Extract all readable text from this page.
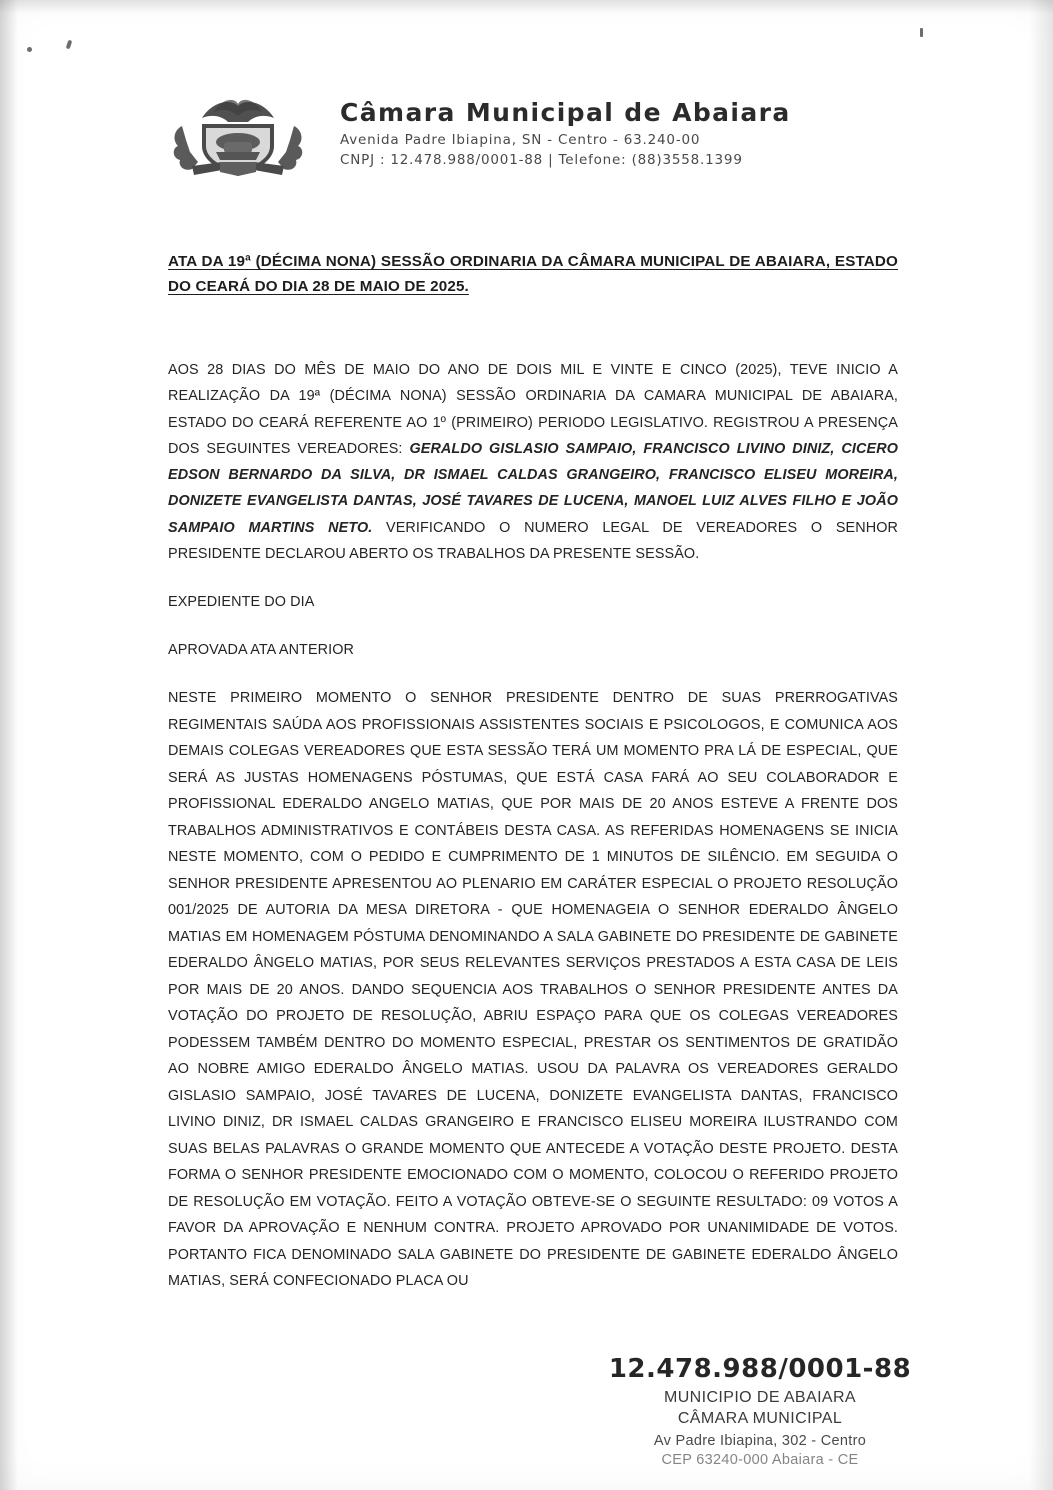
Câmara Municipal de Abaiara
Avenida Padre Ibiapina, SN - Centro - 63.240-00
CNPJ : 12.478.988/0001-88 | Telefone: (88)3558.1399
ATA DA 19ª (DÉCIMA NONA) SESSÃO ORDINARIA DA CÂMARA MUNICIPAL DE ABAIARA, ESTADO DO CEARÁ DO DIA 28 DE MAIO DE 2025.
AOS 28 DIAS DO MÊS DE MAIO DO ANO DE DOIS MIL E VINTE E CINCO (2025), TEVE INICIO A REALIZAÇÃO DA 19ª (DÉCIMA NONA) SESSÃO ORDINARIA DA CAMARA MUNICIPAL DE ABAIARA, ESTADO DO CEARÁ REFERENTE AO 1º (PRIMEIRO) PERIODO LEGISLATIVO. REGISTROU A PRESENÇA DOS SEGUINTES VEREADORES: GERALDO GISLASIO SAMPAIO, FRANCISCO LIVINO DINIZ, CICERO EDSON BERNARDO DA SILVA, DR ISMAEL CALDAS GRANGEIRO, FRANCISCO ELISEU MOREIRA, DONIZETE EVANGELISTA DANTAS, JOSÉ TAVARES DE LUCENA, MANOEL LUIZ ALVES FILHO E JOÃO SAMPAIO MARTINS NETO. VERIFICANDO O NUMERO LEGAL DE VEREADORES O SENHOR PRESIDENTE DECLAROU ABERTO OS TRABALHOS DA PRESENTE SESSÃO.
EXPEDIENTE DO DIA
APROVADA ATA ANTERIOR
NESTE PRIMEIRO MOMENTO O SENHOR PRESIDENTE DENTRO DE SUAS PRERROGATIVAS REGIMENTAIS SAÚDA AOS PROFISSIONAIS ASSISTENTES SOCIAIS E PSICOLOGOS, E COMUNICA AOS DEMAIS COLEGAS VEREADORES QUE ESTA SESSÃO TERÁ UM MOMENTO PRA LÁ DE ESPECIAL, QUE SERÁ AS JUSTAS HOMENAGENS PÓSTUMAS, QUE ESTÁ CASA FARÁ AO SEU COLABORADOR E PROFISSIONAL EDERALDO ANGELO MATIAS, QUE POR MAIS DE 20 ANOS ESTEVE A FRENTE DOS TRABALHOS ADMINISTRATIVOS E CONTÁBEIS DESTA CASA. AS REFERIDAS HOMENAGENS SE INICIA NESTE MOMENTO, COM O PEDIDO E CUMPRIMENTO DE 1 MINUTOS DE SILÊNCIO. EM SEGUIDA O SENHOR PRESIDENTE APRESENTOU AO PLENARIO EM CARÁTER ESPECIAL O PROJETO RESOLUÇÃO 001/2025 DE AUTORIA DA MESA DIRETORA - QUE HOMENAGEIA O SENHOR EDERALDO ÂNGELO MATIAS EM HOMENAGEM PÓSTUMA DENOMINANDO A SALA GABINETE DO PRESIDENTE DE GABINETE EDERALDO ÂNGELO MATIAS, POR SEUS RELEVANTES SERVIÇOS PRESTADOS A ESTA CASA DE LEIS POR MAIS DE 20 ANOS. DANDO SEQUENCIA AOS TRABALHOS O SENHOR PRESIDENTE ANTES DA VOTAÇÃO DO PROJETO DE RESOLUÇÃO, ABRIU ESPAÇO PARA QUE OS COLEGAS VEREADORES PODESSEM TAMBÉM DENTRO DO MOMENTO ESPECIAL, PRESTAR OS SENTIMENTOS DE GRATIDÃO AO NOBRE AMIGO EDERALDO ÂNGELO MATIAS. USOU DA PALAVRA OS VEREADORES GERALDO GISLASIO SAMPAIO, JOSÉ TAVARES DE LUCENA, DONIZETE EVANGELISTA DANTAS, FRANCISCO LIVINO DINIZ, DR ISMAEL CALDAS GRANGEIRO E FRANCISCO ELISEU MOREIRA ILUSTRANDO COM SUAS BELAS PALAVRAS O GRANDE MOMENTO QUE ANTECEDE A VOTAÇÃO DESTE PROJETO. DESTA FORMA O SENHOR PRESIDENTE EMOCIONADO COM O MOMENTO, COLOCOU O REFERIDO PROJETO DE RESOLUÇÃO EM VOTAÇÃO. FEITO A VOTAÇÃO OBTEVE-SE O SEGUINTE RESULTADO: 09 VOTOS A FAVOR DA APROVAÇÃO E NENHUM CONTRA. PROJETO APROVADO POR UNANIMIDADE DE VOTOS. PORTANTO FICA DENOMINADO SALA GABINETE DO PRESIDENTE DE GABINETE EDERALDO ÂNGELO MATIAS, SERÁ CONFECIONADO PLACA OU
12.478.988/0001-88
MUNICIPIO DE ABAIARA
CÂMARA MUNICIPAL
Av Padre Ibiapina, 302 - Centro
CEP 63240-000 Abaiara - CE
